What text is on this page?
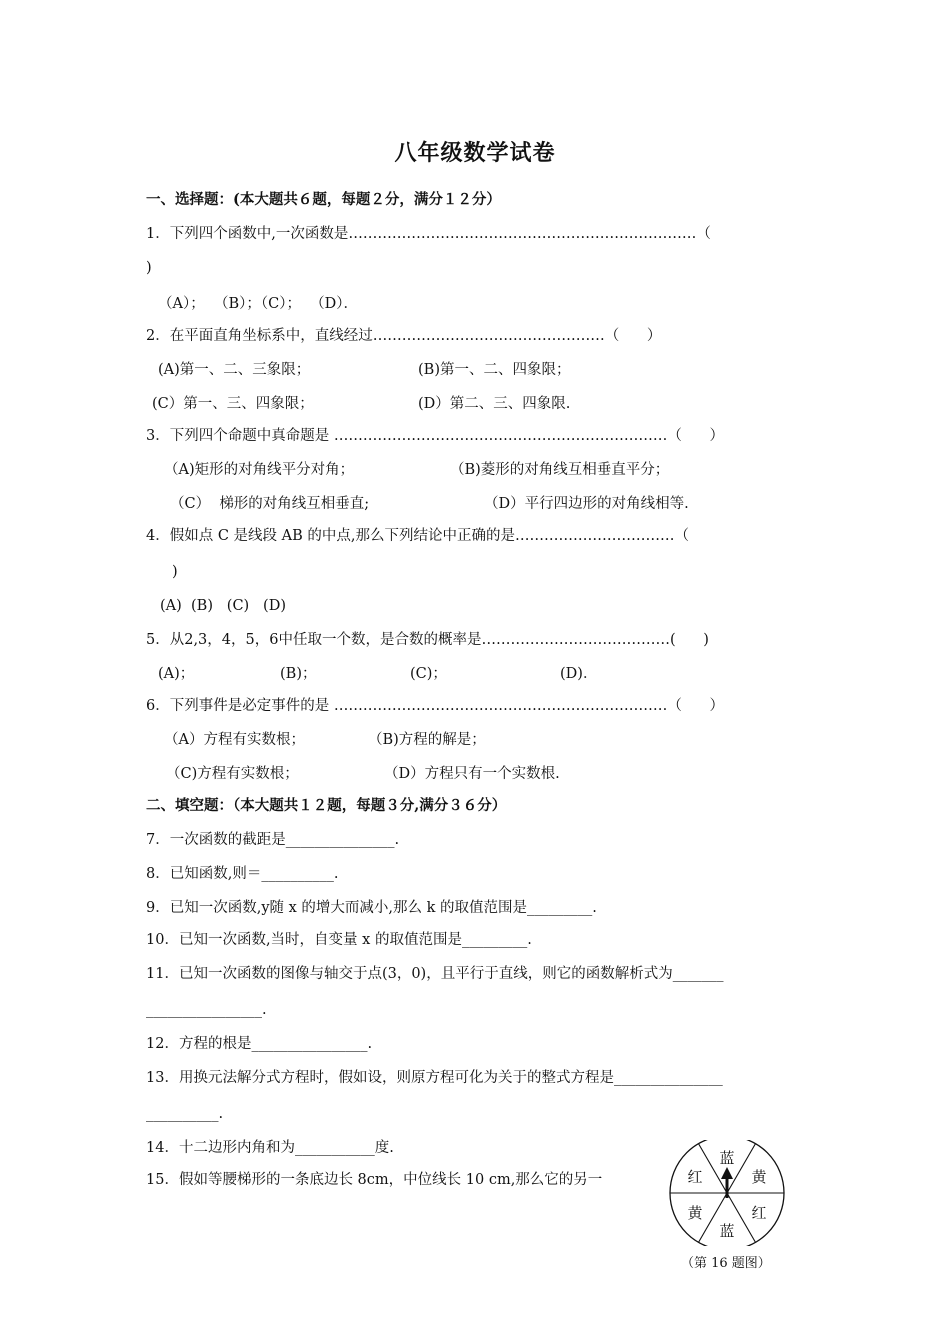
八年级数学试卷
一、选择题：(本大题共６题，每题２分，满分１２分）
1．下列四个函数中,一次函数是………………………………………………………………（
)
（A）；  （B）；（C）；  （D）．
2．在平面直角坐标系中，直线经过…………………………………………（      ）
(A)第一、二、三象限；	(B)第一、二、四象限；
(C）第一、三、四象限；	(D）第二、三、四象限.
3．下列四个命题中真命题是 ……………………………………………………………（      ）
（A)矩形的对角线平分对角；	（B)菱形的对角线互相垂直平分；
（C）  梯形的对角线互相垂直;	（D）平行四边形的对角线相等.
4．假如点 C 是线段 AB 的中点,那么下列结论中正确的是……………………………（
)
(A)  (B)   (C)   (D)
5．从2,3，4，5，6中任取一个数，是合数的概率是…………………………………(      )
(A)；	(B)；	(C)；	(D)．
6．下列事件是必定事件的是 ……………………………………………………………（      ）
（A）方程有实数根；	（B)方程的解是；
（C)方程有实数根；	（D）方程只有一个实数根.
二、填空题：（本大题共１２题，每题３分,满分３６分）
7．一次函数的截距是_______________.
8．已知函数,则＝__________.
9．已知一次函数,y随 x 的增大而减小,那么 k 的取值范围是_________.
10．已知一次函数,当时，自变量 x 的取值范围是_________.
11．已知一次函数的图像与轴交于点(3，0)，且平行于直线，则它的函数解析式为_______
________________.
12．方程的根是________________.
13．用换元法解分式方程时，假如设，则原方程可化为关于的整式方程是_______________
__________.
14．十二边形内角和为___________度.
15．假如等腰梯形的一条底边长 8cm，中位线长 10 cm,那么它的另一
蓝
黄
红
蓝
黄
红
（第 16 题图）
